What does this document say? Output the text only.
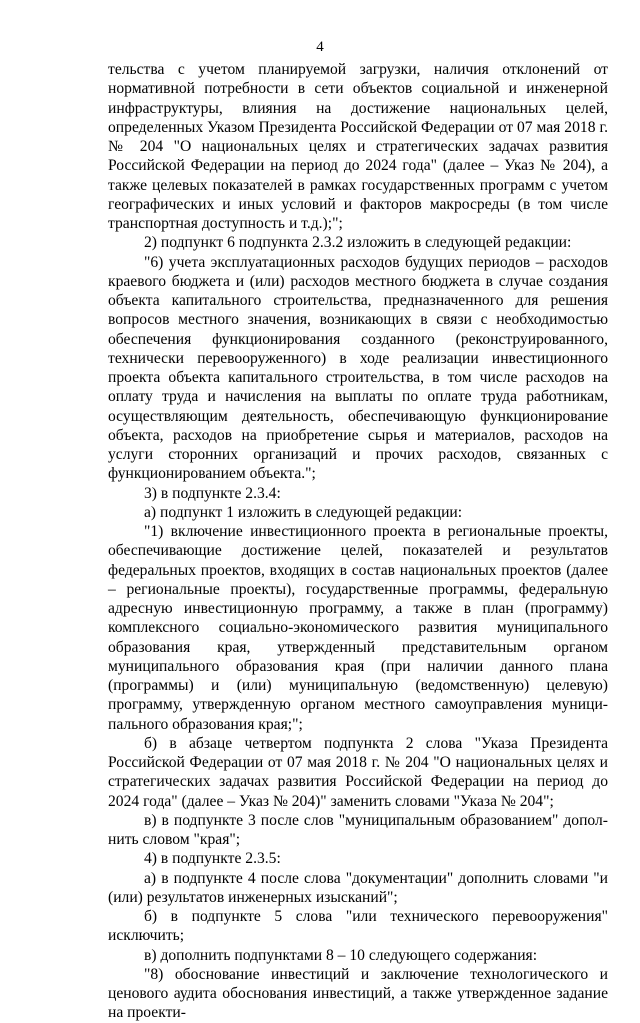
4

тельства с учетом планируемой загрузки, наличия отклонений от нормативной потребности в сети объектов социальной и инженерной инфраструктуры, влияния на достижение национальных целей, определенных Указом Президента Российской Федерации от 07 мая 2018 г. № 204 "О национальных целях и стратегических задачах развития Российской Федерации на период до 2024 года" (далее – Указ № 204), а также целевых показателей в рамках государственных программ с учетом географических и иных условий и факторов макросреды (в том числе транспортная доступность и т.д.);";

2) подпункт 6 подпункта 2.3.2 изложить в следующей редакции:

"6) учета эксплуатационных расходов будущих периодов – расходов краевого бюджета и (или) расходов местного бюджета в случае создания объекта капитального строительства, предназначенного для решения вопросов местного значения, возникающих в связи с необходимостью обеспечения функционирования созданного (реконструированного, технически перевооруженного) в ходе реализации инвестиционного проекта объекта капитального строительства, в том числе расходов на оплату труда и начисления на выплаты по оплате труда работникам, осуществляющим деятельность, обеспечивающую функционирование объекта, расходов на приобретение сырья и материалов, расходов на услуги сторонних организаций и прочих расходов, связанных с функционированием объекта.";

3) в подпункте 2.3.4:

а) подпункт 1 изложить в следующей редакции:

"1) включение инвестиционного проекта в региональные проекты, обеспечивающие достижение целей, показателей и результатов федеральных проектов, входящих в состав национальных проектов (далее – региональные проекты), государственные программы, федеральную адресную инвестиционную программу, а также в план (программу) комплексного социально-экономического развития муниципального образования края, утвержденный представительным органом муниципального образования края (при наличии данного плана (программы) и (или) муниципальную (ведомственную) целевую) программу, утвержденную органом местного самоуправления муниципального образования края;";

б) в абзаце четвертом подпункта 2 слова "Указа Президента Российской Федерации от 07 мая 2018 г. № 204 "О национальных целях и стратегических задачах развития Российской Федерации на период до 2024 года" (далее – Указ № 204)" заменить словами "Указа № 204";

в) в подпункте 3 после слов "муниципальным образованием" дополнить словом "края";

4) в подпункте 2.3.5:

а) в подпункте 4 после слова "документации" дополнить словами "и (или) результатов инженерных изысканий";

б) в подпункте 5 слова "или технического перевооружения" исключить;

в) дополнить подпунктами 8 – 10 следующего содержания:

"8) обоснование инвестиций и заключение технологического и ценового аудита обоснования инвестиций, а также утвержденное задание на проекти-
